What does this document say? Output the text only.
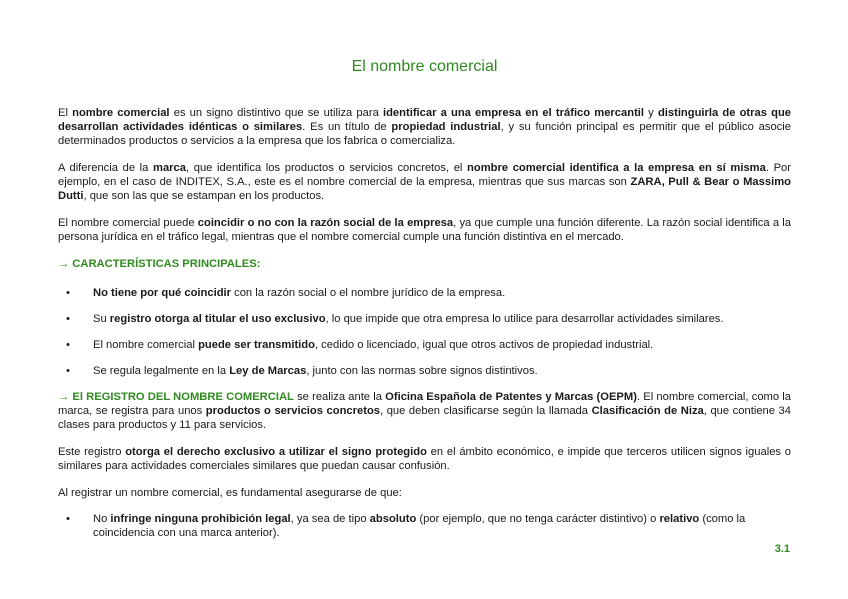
El nombre comercial

El nombre comercial es un signo distintivo que se utiliza para identificar a una empresa en el tráfico mercantil y distinguirla de otras que desarrollan actividades idénticas o similares. Es un título de propiedad industrial, y su función principal es permitir que el público asocie determinados productos o servicios a la empresa que los fabrica o comercializa.

A diferencia de la marca, que identifica los productos o servicios concretos, el nombre comercial identifica a la empresa en sí misma. Por ejemplo, en el caso de INDITEX, S.A., este es el nombre comercial de la empresa, mientras que sus marcas son ZARA, Pull & Bear o Massimo Dutti, que son las que se estampan en los productos.

El nombre comercial puede coincidir o no con la razón social de la empresa, ya que cumple una función diferente. La razón social identifica a la persona jurídica en el tráfico legal, mientras que el nombre comercial cumple una función distintiva en el mercado.

→ CARACTERÍSTICAS PRINCIPALES:
• No tiene por qué coincidir con la razón social o el nombre jurídico de la empresa.
• Su registro otorga al titular el uso exclusivo, lo que impide que otra empresa lo utilice para desarrollar actividades similares.
• El nombre comercial puede ser transmitido, cedido o licenciado, igual que otros activos de propiedad industrial.
• Se regula legalmente en la Ley de Marcas, junto con las normas sobre signos distintivos.

→ El REGISTRO DEL NOMBRE COMERCIAL se realiza ante la Oficina Española de Patentes y Marcas (OEPM). El nombre comercial, como la marca, se registra para unos productos o servicios concretos, que deben clasificarse según la llamada Clasificación de Niza, que contiene 34 clases para productos y 11 para servicios.

Este registro otorga el derecho exclusivo a utilizar el signo protegido en el ámbito económico, e impide que terceros utilicen signos iguales o similares para actividades comerciales similares que puedan causar confusión.

Al registrar un nombre comercial, es fundamental asegurarse de que:

• No infringe ninguna prohibición legal, ya sea de tipo absoluto (por ejemplo, que no tenga carácter distintivo) o relativo (como la coincidencia con una marca anterior).
3.1
